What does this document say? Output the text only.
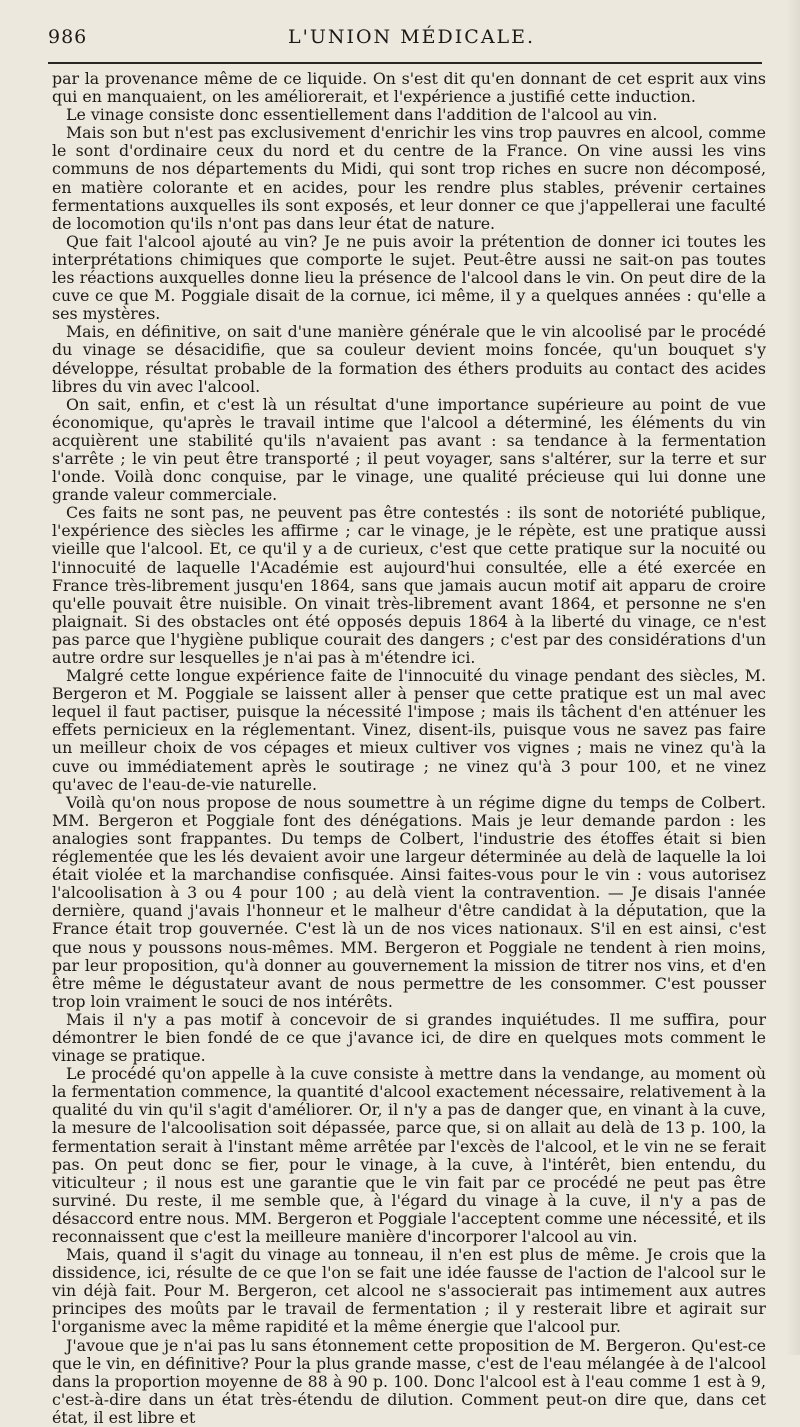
986	L'UNION MÉDICALE.

par la provenance même de ce liquide. On s'est dit qu'en donnant de cet esprit aux vins qui en manquaient, on les améliorerait, et l'expérience a justifié cette induction.

Le vinage consiste donc essentiellement dans l'addition de l'alcool au vin.

Mais son but n'est pas exclusivement d'enrichir les vins trop pauvres en alcool, comme le sont d'ordinaire ceux du nord et du centre de la France. On vine aussi les vins communs de nos départements du Midi, qui sont trop riches en sucre non décomposé, en matière colorante et en acides, pour les rendre plus stables, prévenir certaines fermentations auxquelles ils sont exposés, et leur donner ce que j'appellerai une faculté de locomotion qu'ils n'ont pas dans leur état de nature.

Que fait l'alcool ajouté au vin? Je ne puis avoir la prétention de donner ici toutes les interprétations chimiques que comporte le sujet. Peut-être aussi ne sait-on pas toutes les réactions auxquelles donne lieu la présence de l'alcool dans le vin. On peut dire de la cuve ce que M. Poggiale disait de la cornue, ici même, il y a quelques années : qu'elle a ses mystères.

Mais, en définitive, on sait d'une manière générale que le vin alcoolisé par le procédé du vinage se désacidifie, que sa couleur devient moins foncée, qu'un bouquet s'y développe, résultat probable de la formation des éthers produits au contact des acides libres du vin avec l'alcool.

On sait, enfin, et c'est là un résultat d'une importance supérieure au point de vue économique, qu'après le travail intime que l'alcool a déterminé, les éléments du vin acquièrent une stabilité qu'ils n'avaient pas avant : sa tendance à la fermentation s'arrête ; le vin peut être transporté ; il peut voyager, sans s'altérer, sur la terre et sur l'onde. Voilà donc conquise, par le vinage, une qualité précieuse qui lui donne une grande valeur commerciale.

Ces faits ne sont pas, ne peuvent pas être contestés : ils sont de notoriété publique, l'expérience des siècles les affirme ; car le vinage, je le répète, est une pratique aussi vieille que l'alcool. Et, ce qu'il y a de curieux, c'est que cette pratique sur la nocuité ou l'innocuité de laquelle l'Académie est aujourd'hui consultée, elle a été exercée en France très-librement jusqu'en 1864, sans que jamais aucun motif ait apparu de croire qu'elle pouvait être nuisible. On vinait très-librement avant 1864, et personne ne s'en plaignait. Si des obstacles ont été opposés depuis 1864 à la liberté du vinage, ce n'est pas parce que l'hygiène publique courait des dangers ; c'est par des considérations d'un autre ordre sur lesquelles je n'ai pas à m'étendre ici.

Malgré cette longue expérience faite de l'innocuité du vinage pendant des siècles, M. Bergeron et M. Poggiale se laissent aller à penser que cette pratique est un mal avec lequel il faut pactiser, puisque la nécessité l'impose ; mais ils tâchent d'en atténuer les effets pernicieux en la réglementant. Vinez, disent-ils, puisque vous ne savez pas faire un meilleur choix de vos cépages et mieux cultiver vos vignes ; mais ne vinez qu'à la cuve ou immédiatement après le soutirage ; ne vinez qu'à 3 pour 100, et ne vinez qu'avec de l'eau-de-vie naturelle.

Voilà qu'on nous propose de nous soumettre à un régime digne du temps de Colbert. MM. Bergeron et Poggiale font des dénégations. Mais je leur demande pardon : les analogies sont frappantes. Du temps de Colbert, l'industrie des étoffes était si bien réglementée que les lés devaient avoir une largeur déterminée au delà de laquelle la loi était violée et la marchandise confisquée. Ainsi faites-vous pour le vin : vous autorisez l'alcoolisation à 3 ou 4 pour 100 ; au delà vient la contravention. — Je disais l'année dernière, quand j'avais l'honneur et le malheur d'être candidat à la députation, que la France était trop gouvernée. C'est là un de nos vices nationaux. S'il en est ainsi, c'est que nous y poussons nous-mêmes. MM. Bergeron et Poggiale ne tendent à rien moins, par leur proposition, qu'à donner au gouvernement la mission de titrer nos vins, et d'en être même le dégustateur avant de nous permettre de les consommer. C'est pousser trop loin vraiment le souci de nos intérêts.

Mais il n'y a pas motif à concevoir de si grandes inquiétudes. Il me suffira, pour démontrer le bien fondé de ce que j'avance ici, de dire en quelques mots comment le vinage se pratique.

Le procédé qu'on appelle à la cuve consiste à mettre dans la vendange, au moment où la fermentation commence, la quantité d'alcool exactement nécessaire, relativement à la qualité du vin qu'il s'agit d'améliorer. Or, il n'y a pas de danger que, en vinant à la cuve, la mesure de l'alcoolisation soit dépassée, parce que, si on allait au delà de 13 p. 100, la fermentation serait à l'instant même arrêtée par l'excès de l'alcool, et le vin ne se ferait pas. On peut donc se fier, pour le vinage, à la cuve, à l'intérêt, bien entendu, du viticulteur ; il nous est une garantie que le vin fait par ce procédé ne peut pas être surviné. Du reste, il me semble que, à l'égard du vinage à la cuve, il n'y a pas de désaccord entre nous. MM. Bergeron et Poggiale l'acceptent comme une nécessité, et ils reconnaissent que c'est la meilleure manière d'incorporer l'alcool au vin.

Mais, quand il s'agit du vinage au tonneau, il n'en est plus de même. Je crois que la dissidence, ici, résulte de ce que l'on se fait une idée fausse de l'action de l'alcool sur le vin déjà fait. Pour M. Bergeron, cet alcool ne s'associerait pas intimement aux autres principes des moûts par le travail de fermentation ; il y resterait libre et agirait sur l'organisme avec la même rapidité et la même énergie que l'alcool pur.

J'avoue que je n'ai pas lu sans étonnement cette proposition de M. Bergeron. Qu'est-ce que le vin, en définitive? Pour la plus grande masse, c'est de l'eau mélangée à de l'alcool dans la proportion moyenne de 88 à 90 p. 100. Donc l'alcool est à l'eau comme 1 est à 9, c'est-à-dire dans un état très-étendu de dilution. Comment peut-on dire que, dans cet état, il est libre et
